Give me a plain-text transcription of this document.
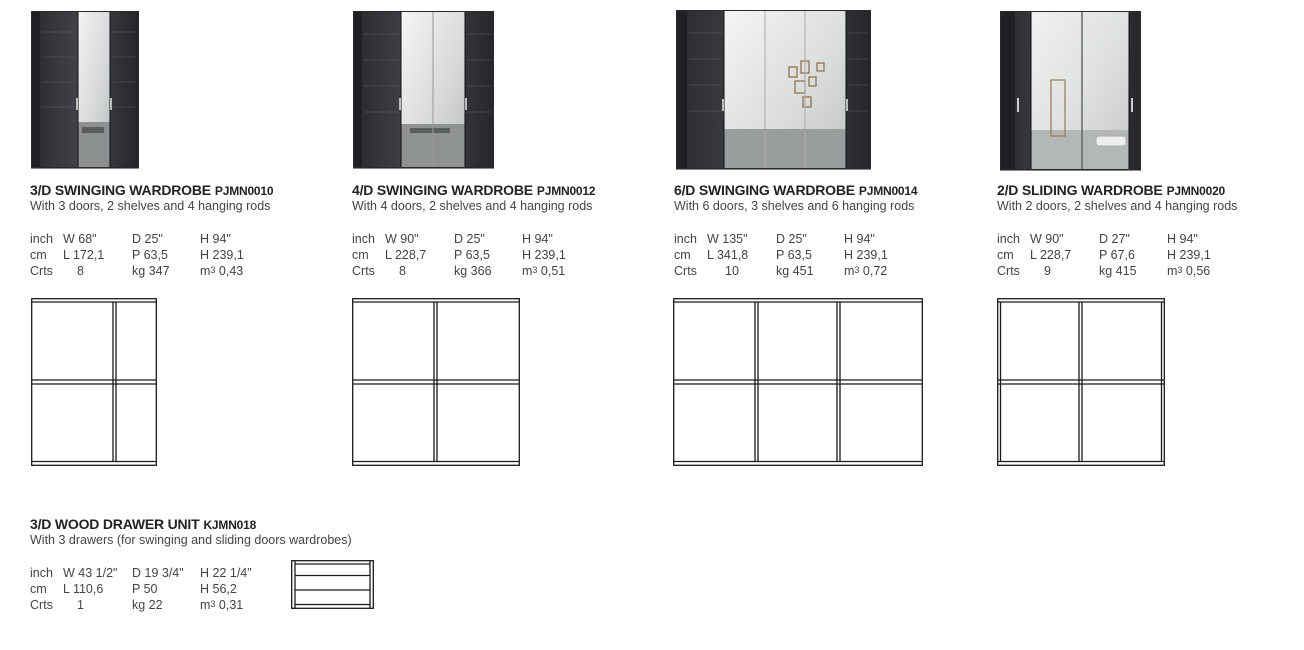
3/D SWINGING WARDROBE PJMN0010
With 3 doors, 2 shelves and 4 hanging rods
inch W 68"	D 25"	H 94"
cm L 172,1 P 63,5	H 239,1
Crts 8	kg 347 $m^3$ 0,43
4/D SWINGING WARDROBE PJMN0012
With 4 doors, 2 shelves and 4 hanging rods
inch W 90"	D 25"	H 94"
cm L 228,7 P 63,5	H 239,1
Crts 8	kg 366 $m^3$ 0,51
6/D SWINGING WARDROBE PJMN0014
With 6 doors, 3 shelves and 6 hanging rods
inch W 135" D 25"	H 94"
cm L 341,8 P 63,5	H 239,1
Crts 10	kg 451 $m^3$ 0,72
2/D SLIDING WARDROBE PJMN0020
With 2 doors, 2 shelves and 4 hanging rods
inch W 90"	D 27"	H 94"
cm L 228,7 P 67,6	H 239,1
Crts 9	kg 415 $m^3$ 0,56
3/D WOOD DRAWER UNIT KJMN018
With 3 drawers (for swinging and sliding doors wardrobes)
inch W 43 1/2" D 19 3/4" H 22 1/4"
cm L 110,6 P 50	H 56,2
Crts 1	kg 22	$m^3$ 0,31
